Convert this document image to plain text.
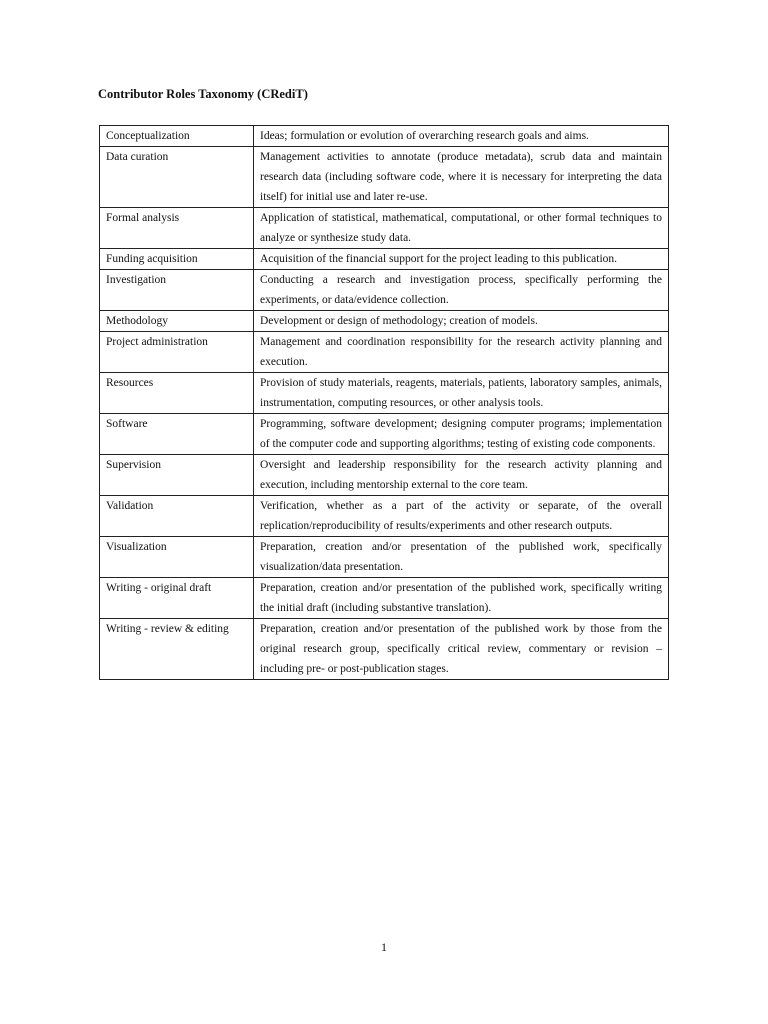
Contributor Roles Taxonomy (CRediT)
Conceptualization	Ideas; formulation or evolution of overarching research goals and aims.
Data curation	Management activities to annotate (produce metadata), scrub data and maintain research data (including software code, where it is necessary for interpreting the data itself) for initial use and later re-use.
Formal analysis	Application of statistical, mathematical, computational, or other formal techniques to analyze or synthesize study data.
Funding acquisition	Acquisition of the financial support for the project leading to this publication.
Investigation	Conducting a research and investigation process, specifically performing the experiments, or data/evidence collection.
Methodology	Development or design of methodology; creation of models.
Project administration	Management and coordination responsibility for the research activity planning and execution.
Resources	Provision of study materials, reagents, materials, patients, laboratory samples, animals, instrumentation, computing resources, or other analysis tools.
Software	Programming, software development; designing computer programs; implementation of the computer code and supporting algorithms; testing of existing code components.
Supervision	Oversight and leadership responsibility for the research activity planning and execution, including mentorship external to the core team.
Validation	Verification, whether as a part of the activity or separate, of the overall replication/reproducibility of results/experiments and other research outputs.
Visualization	Preparation, creation and/or presentation of the published work, specifically visualization/data presentation.
Writing - original draft	Preparation, creation and/or presentation of the published work, specifically writing the initial draft (including substantive translation).
Writing - review & editing	Preparation, creation and/or presentation of the published work by those from the original research group, specifically critical review, commentary or revision – including pre- or post-publication stages.
1
